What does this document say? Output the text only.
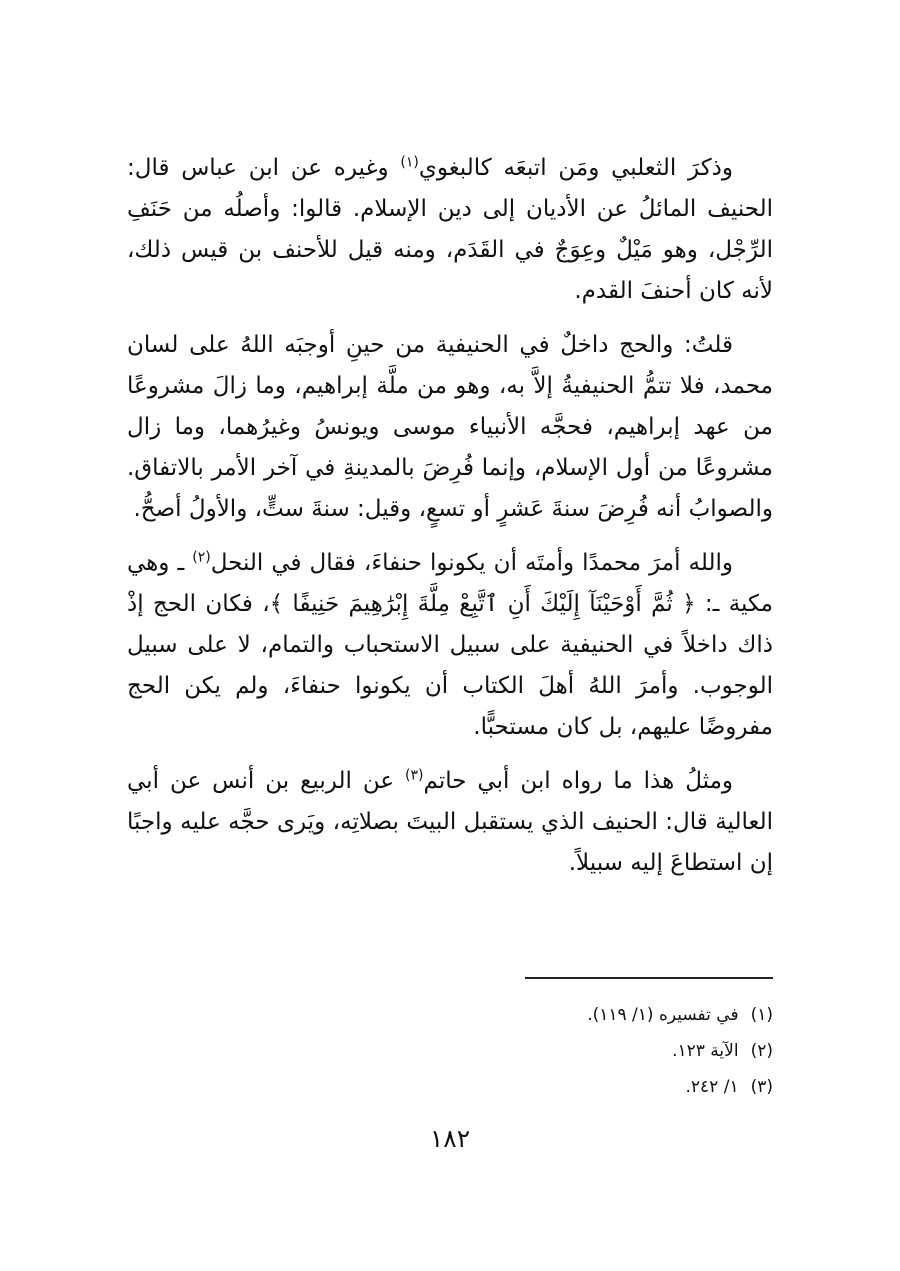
وذكرَ الثعلبي ومَن اتبعَه كالبغوي$^{(١)}$ وغيره عن ابن عباس قال: الحنيف المائلُ عن الأديان إلى دين الإسلام. قالوا: وأصلُه من حَنَفِ الرِّجْل، وهو مَيْلٌ وعِوَجٌ في القَدَم، ومنه قيل للأحنف بن قيس ذلك، لأنه كان أحنفَ القدم.

قلتُ: والحج داخلٌ في الحنيفية من حينِ أوجبَه اللهُ على لسان محمد، فلا تتمُّ الحنيفيةُ إلاَّ به، وهو من ملَّة إبراهيم، وما زالَ مشروعًا من عهد إبراهيم، فحجَّه الأنبياء موسى ويونسُ وغيرُهما، وما زال مشروعًا من أول الإسلام، وإنما فُرِضَ بالمدينةِ في آخر الأمر بالاتفاق. والصوابُ أنه فُرِضَ سنةَ عَشرٍ أو تسعٍ، وقيل: سنةَ ستٍّ، والأولُ أصحُّ.

والله أمرَ محمدًا وأمتَه أن يكونوا حنفاءَ، فقال في النحل$^{(٢)}$ ـ وهي مكية ـ: ﴿ ثُمَّ أَوْحَيْنَآ إِلَيْكَ أَنِ ٱتَّبِعْ مِلَّةَ إِبْرَٰهِيمَ حَنِيفًا ﴾، فكان الحج إذْ ذاك داخلاً في الحنيفية على سبيل الاستحباب والتمام، لا على سبيل الوجوب. وأمرَ اللهُ أهلَ الكتاب أن يكونوا حنفاءَ، ولم يكن الحج مفروضًا عليهم، بل كان مستحبًّا.

ومثلُ هذا ما رواه ابن أبي حاتم$^{(٣)}$ عن الربيع بن أنس عن أبي العالية قال: الحنيف الذي يستقبل البيتَ بصلاتِه، ويَرى حجَّه عليه واجبًا إن استطاعَ إليه سبيلاً.

(١)في تفسيره (١/ ١١٩).

(٢)الآية ١٢٣.

(٣)١/ ٢٤٢.

١٨٢
